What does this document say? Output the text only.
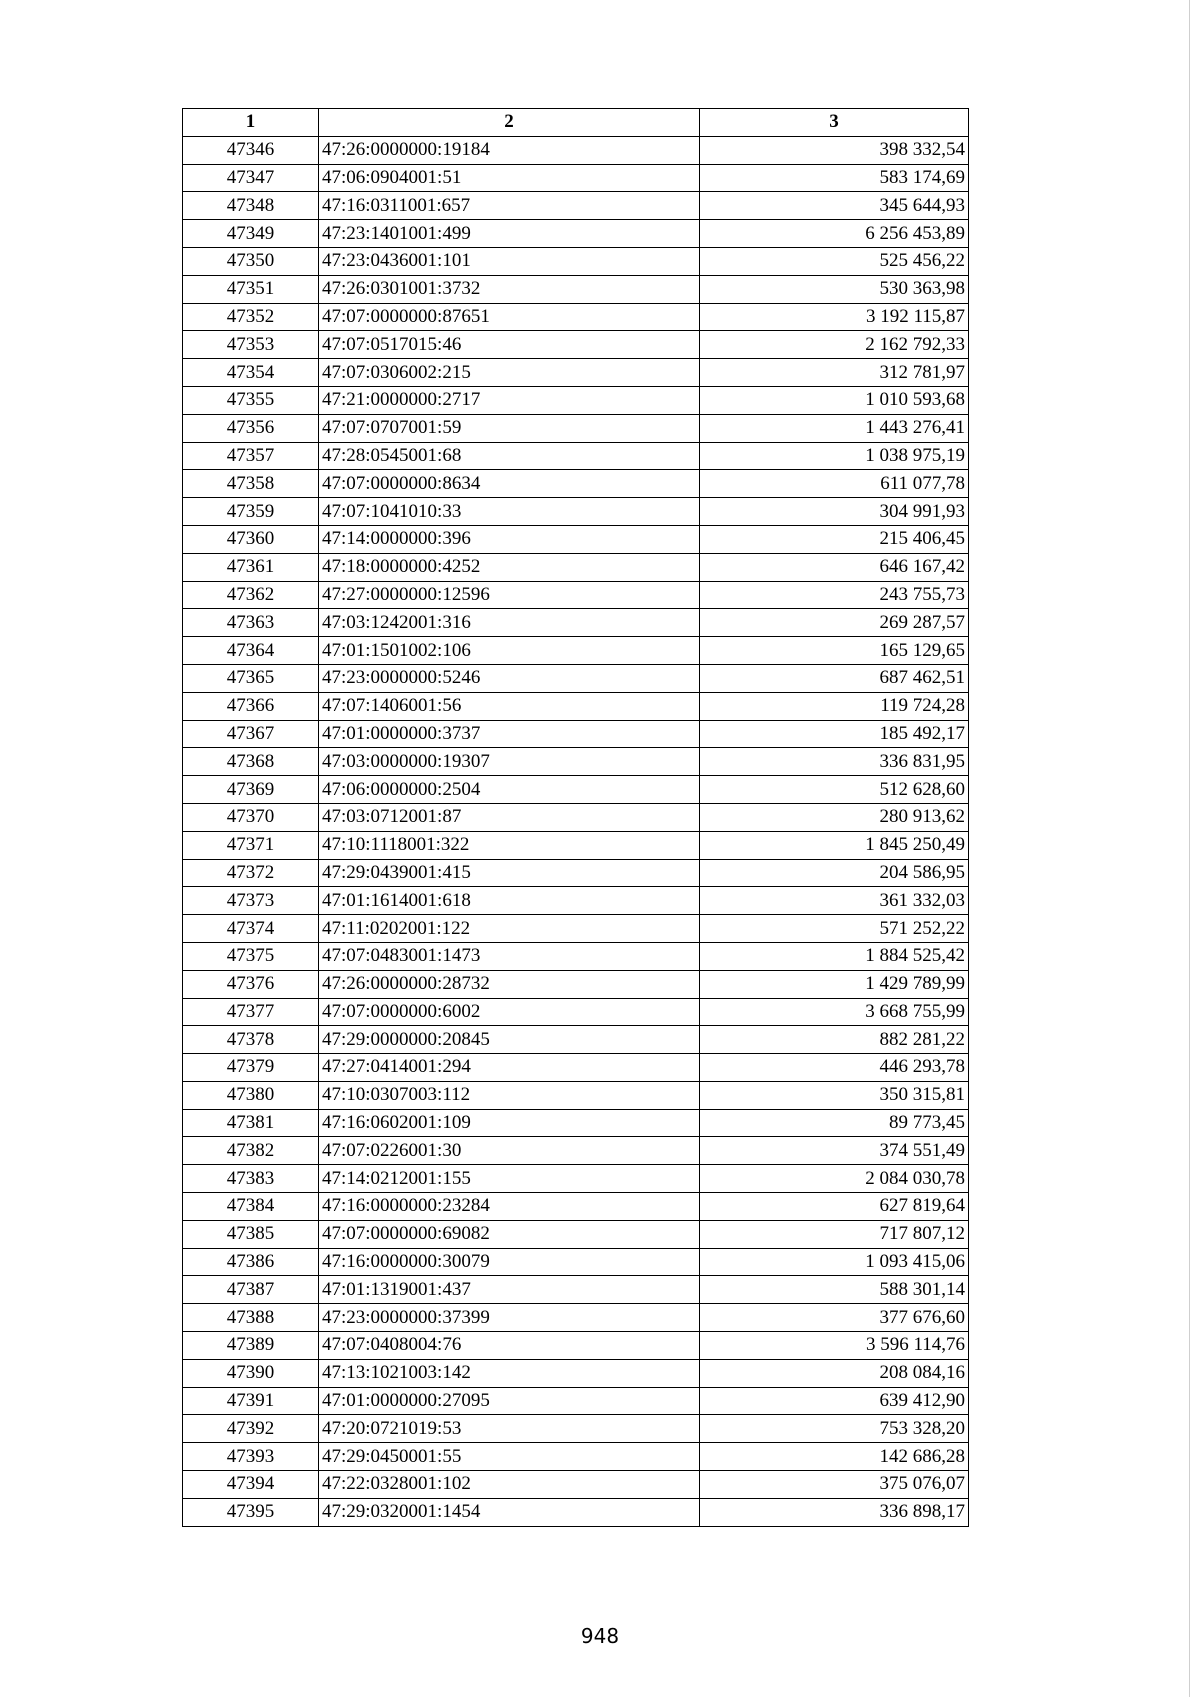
1	2	3
47346	47:26:0000000:19184	398 332,54
47347	47:06:0904001:51	583 174,69
47348	47:16:0311001:657	345 644,93
47349	47:23:1401001:499	6 256 453,89
47350	47:23:0436001:101	525 456,22
47351	47:26:0301001:3732	530 363,98
47352	47:07:0000000:87651	3 192 115,87
47353	47:07:0517015:46	2 162 792,33
47354	47:07:0306002:215	312 781,97
47355	47:21:0000000:2717	1 010 593,68
47356	47:07:0707001:59	1 443 276,41
47357	47:28:0545001:68	1 038 975,19
47358	47:07:0000000:8634	611 077,78
47359	47:07:1041010:33	304 991,93
47360	47:14:0000000:396	215 406,45
47361	47:18:0000000:4252	646 167,42
47362	47:27:0000000:12596	243 755,73
47363	47:03:1242001:316	269 287,57
47364	47:01:1501002:106	165 129,65
47365	47:23:0000000:5246	687 462,51
47366	47:07:1406001:56	119 724,28
47367	47:01:0000000:3737	185 492,17
47368	47:03:0000000:19307	336 831,95
47369	47:06:0000000:2504	512 628,60
47370	47:03:0712001:87	280 913,62
47371	47:10:1118001:322	1 845 250,49
47372	47:29:0439001:415	204 586,95
47373	47:01:1614001:618	361 332,03
47374	47:11:0202001:122	571 252,22
47375	47:07:0483001:1473	1 884 525,42
47376	47:26:0000000:28732	1 429 789,99
47377	47:07:0000000:6002	3 668 755,99
47378	47:29:0000000:20845	882 281,22
47379	47:27:0414001:294	446 293,78
47380	47:10:0307003:112	350 315,81
47381	47:16:0602001:109	89 773,45
47382	47:07:0226001:30	374 551,49
47383	47:14:0212001:155	2 084 030,78
47384	47:16:0000000:23284	627 819,64
47385	47:07:0000000:69082	717 807,12
47386	47:16:0000000:30079	1 093 415,06
47387	47:01:1319001:437	588 301,14
47388	47:23:0000000:37399	377 676,60
47389	47:07:0408004:76	3 596 114,76
47390	47:13:1021003:142	208 084,16
47391	47:01:0000000:27095	639 412,90
47392	47:20:0721019:53	753 328,20
47393	47:29:0450001:55	142 686,28
47394	47:22:0328001:102	375 076,07
47395	47:29:0320001:1454	336 898,17
948
